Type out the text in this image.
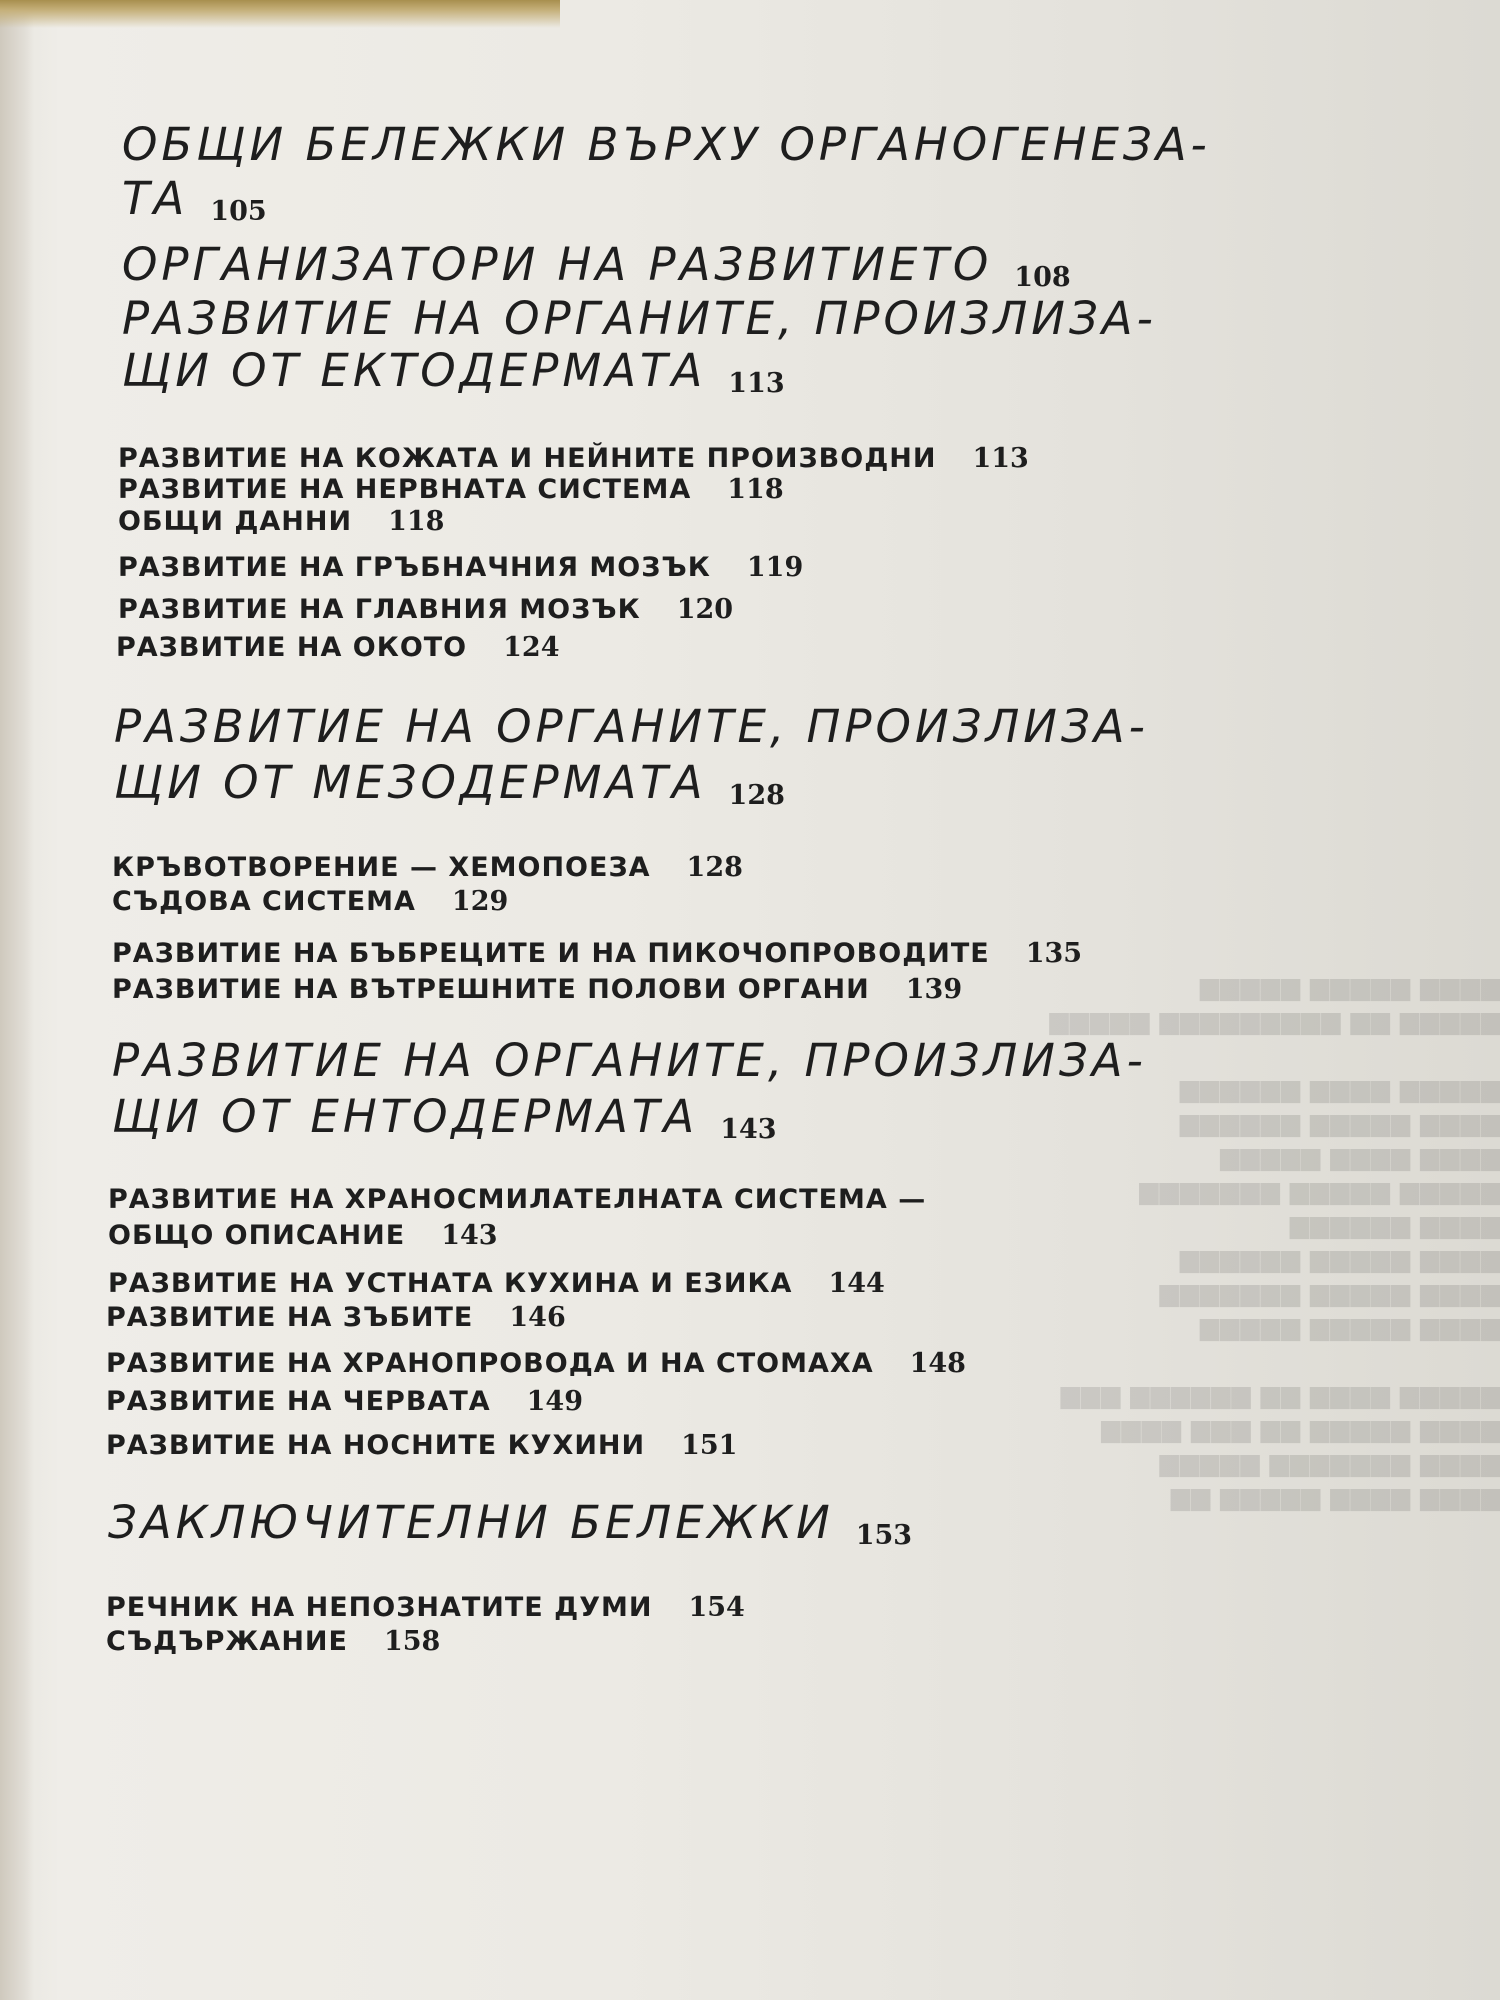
▆▆▆▆ ▆▆▆▆▆ ▆▆▆▆▆
▆▆▆▆▆ ▆▆ ▆▆▆▆▆▆▆▆▆ ▆▆▆▆▆

▆▆▆▆▆ ▆▆▆▆ ▆▆▆▆▆▆
▆▆▆▆ ▆▆▆▆▆ ▆▆▆▆▆▆
▆▆▆▆ ▆▆▆▆ ▆▆▆▆▆
▆▆▆▆▆ ▆▆▆▆▆ ▆▆▆▆▆▆▆
▆▆▆▆ ▆▆▆▆▆▆
▆▆▆▆ ▆▆▆▆▆ ▆▆▆▆▆▆
▆▆▆▆ ▆▆▆▆▆ ▆▆▆▆▆▆▆
▆▆▆▆ ▆▆▆▆▆ ▆▆▆▆▆

▆▆▆▆▆ ▆▆▆▆ ▆▆ ▆▆▆▆▆▆ ▆▆▆
▆▆▆▆ ▆▆▆▆▆ ▆▆ ▆▆▆ ▆▆▆▆
▆▆▆▆ ▆▆▆▆▆▆▆ ▆▆▆▆▆
▆▆▆▆ ▆▆▆▆ ▆▆▆▆▆ ▆▆
ОБЩИ БЕЛЕЖКИ ВЪРХУ ОРГАНОГЕНЕЗА-
ТА 105
ОРГАНИЗАТОРИ НА РАЗВИТИЕТО 108
РАЗВИТИЕ НА ОРГАНИТЕ, ПРОИЗЛИЗА-
ЩИ ОТ ЕКТОДЕРМАТА 113
РАЗВИТИЕ НА КОЖАТА И НЕЙНИТЕ ПРОИЗВОДНИ 113
РАЗВИТИЕ НА НЕРВНАТА СИСТЕМА 118
ОБЩИ ДАННИ 118
РАЗВИТИЕ НА ГРЪБНАЧНИЯ МОЗЪК 119
РАЗВИТИЕ НА ГЛАВНИЯ МОЗЪК 120
РАЗВИТИЕ НА ОКОТО 124
РАЗВИТИЕ НА ОРГАНИТЕ, ПРОИЗЛИЗА-
ЩИ ОТ МЕЗОДЕРМАТА 128
КРЪВОТВОРЕНИЕ — ХЕМОПОЕЗА 128
СЪДОВА СИСТЕМА 129
РАЗВИТИЕ НА БЪБРЕЦИТЕ И НА ПИКОЧОПРОВОДИТЕ 135
РАЗВИТИЕ НА ВЪТРЕШНИТЕ ПОЛОВИ ОРГАНИ 139
РАЗВИТИЕ НА ОРГАНИТЕ, ПРОИЗЛИЗА-
ЩИ ОТ ЕНТОДЕРМАТА 143
РАЗВИТИЕ НА ХРАНОСМИЛАТЕЛНАТА СИСТЕМА —
ОБЩО ОПИСАНИЕ 143
РАЗВИТИЕ НА УСТНАТА КУХИНА И ЕЗИКА 144
РАЗВИТИЕ НА ЗЪБИТЕ 146
РАЗВИТИЕ НА ХРАНОПРОВОДА И НА СТОМАХА 148
РАЗВИТИЕ НА ЧЕРВАТА 149
РАЗВИТИЕ НА НОСНИТЕ КУХИНИ 151
ЗАКЛЮЧИТЕЛНИ БЕЛЕЖКИ 153
РЕЧНИК НА НЕПОЗНАТИТЕ ДУМИ 154
СЪДЪРЖАНИЕ 158
